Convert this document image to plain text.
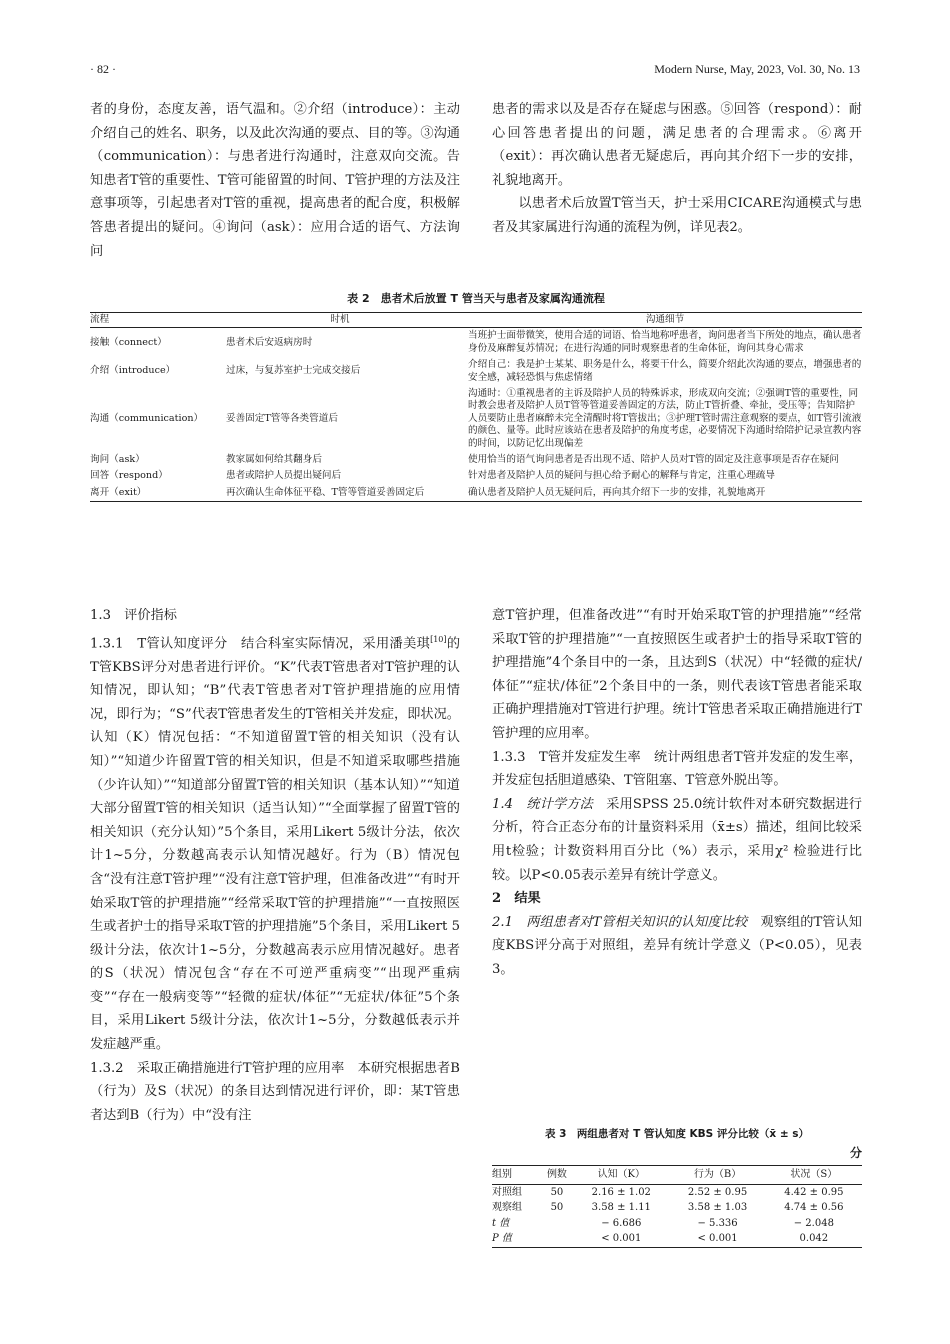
· 82 ·	Modern Nurse, May, 2023, Vol. 30, No. 13

者的身份，态度友善，语气温和。②介绍（introduce）：主动介绍自己的姓名、职务，以及此次沟通的要点、目的等。③沟通（communication）：与患者进行沟通时，注意双向交流。告知患者T管的重要性、T管可能留置的时间、T管护理的方法及注意事项等，引起患者对T管的重视，提高患者的配合度，积极解答患者提出的疑问。④询问（ask）：应用合适的语气、方法询问

患者的需求以及是否存在疑虑与困惑。⑤回答（respond）：耐心回答患者提出的问题，满足患者的合理需求。⑥离开（exit）：再次确认患者无疑虑后，再向其介绍下一步的安排，礼貌地离开。

以患者术后放置T管当天，护士采用CICARE沟通模式与患者及其家属进行沟通的流程为例，详见表2。

表 2　患者术后放置 T 管当天与患者及家属沟通流程
流程	时机	沟通细节
接触（connect）	患者术后安返病房时	当班护士面带微笑，使用合适的词语、恰当地称呼患者，询问患者当下所处的地点，确认患者身份及麻醉复苏情况；在进行沟通的同时观察患者的生命体征，询问其身心需求
介绍（introduce）	过床，与复苏室护士完成交接后	介绍自己：我是护士某某、职务是什么，将要干什么，简要介绍此次沟通的要点，增强患者的安全感，减轻恐惧与焦虑情绪
沟通（communication）	妥善固定T管等各类管道后	沟通时：①重视患者的主诉及陪护人员的特殊诉求，形成双向交流；②强调T管的重要性，同时教会患者及陪护人员T管等管道妥善固定的方法，防止T管折叠、牵扯，受压等；告知陪护人员要防止患者麻醉未完全清醒时将T管拔出；③护理T管时需注意观察的要点，如T管引流液的颜色、量等。此时应该站在患者及陪护的角度考虑，必要情况下沟通时给陪护记录宣教内容的时间，以防记忆出现偏差
询问（ask）	教家属如何给其翻身后	使用恰当的语气询问患者是否出现不适、陪护人员对T管的固定及注意事项是否存在疑问
回答（respond）	患者或陪护人员提出疑问后	针对患者及陪护人员的疑问与担心给予耐心的解释与肯定，注重心理疏导
离开（exit）	再次确认生命体征平稳、T管等管道妥善固定后	确认患者及陪护人员无疑问后，再向其介绍下一步的安排，礼貌地离开

1.3　评价指标

1.3.1　T管认知度评分 结合科室实际情况，采用潘美琪[10]的T管KBS评分对患者进行评价。“K”代表T管患者对T管护理的认知情况，即认知；“B”代表T管患者对T管护理措施的应用情况，即行为；“S”代表T管患者发生的T管相关并发症，即状况。认知（K）情况包括：“不知道留置T管的相关知识（没有认知）”“知道少许留置T管的相关知识，但是不知道采取哪些措施（少许认知）”“知道部分留置T管的相关知识（基本认知）”“知道大部分留置T管的相关知识（适当认知）”“全面掌握了留置T管的相关知识（充分认知）”5个条目，采用Likert 5级计分法，依次计1~5分，分数越高表示认知情况越好。行为（B）情况包含“没有注意T管护理”“没有注意T管护理，但准备改进”“有时开始采取T管的护理措施”“经常采取T管的护理措施”“一直按照医生或者护士的指导采取T管的护理措施”5个条目，采用Likert 5级计分法，依次计1~5分，分数越高表示应用情况越好。患者的S（状况）情况包含“存在不可逆严重病变”“出现严重病变”“存在一般病变等”“轻微的症状/体征”“无症状/体征”5个条目，采用Likert 5级计分法，依次计1~5分，分数越低表示并发症越严重。

1.3.2　采取正确措施进行T管护理的应用率 本研究根据患者B（行为）及S（状况）的条目达到情况进行评价，即：某T管患者达到B（行为）中“没有注

意T管护理，但准备改进”“有时开始采取T管的护理措施”“经常采取T管的护理措施”“一直按照医生或者护士的指导采取T管的护理措施”4个条目中的一条，且达到S（状况）中“轻微的症状/体征”“症状/体征”2个条目中的一条，则代表该T管患者能采取正确护理措施对T管进行护理。统计T管患者采取正确措施进行T管护理的应用率。

1.3.3　T管并发症发生率 统计两组患者T管并发症的发生率，并发症包括胆道感染、T管阻塞、T管意外脱出等。

1.4　统计学方法 采用SPSS 25.0统计软件对本研究数据进行分析，符合正态分布的计量资料采用（x̄±s）描述，组间比较采用t检验；计数资料用百分比（%）表示，采用χ² 检验进行比较。以P<0.05表示差异有统计学意义。

2　结果

2.1　两组患者对T管相关知识的认知度比较 观察组的T管认知度KBS评分高于对照组，差异有统计学意义（P<0.05），见表3。

表 3　两组患者对 T 管认知度 KBS 评分比较（x̄ ± s）
分
组别	例数	认知（K）	行为（B）	状况（S）
对照组	50	2.16 ± 1.02	2.52 ± 0.95	4.42 ± 0.95
观察组	50	3.58 ± 1.11	3.58 ± 1.03	4.74 ± 0.56
t 值		− 6.686	− 5.336	− 2.048
P 值		< 0.001	< 0.001	0.042
